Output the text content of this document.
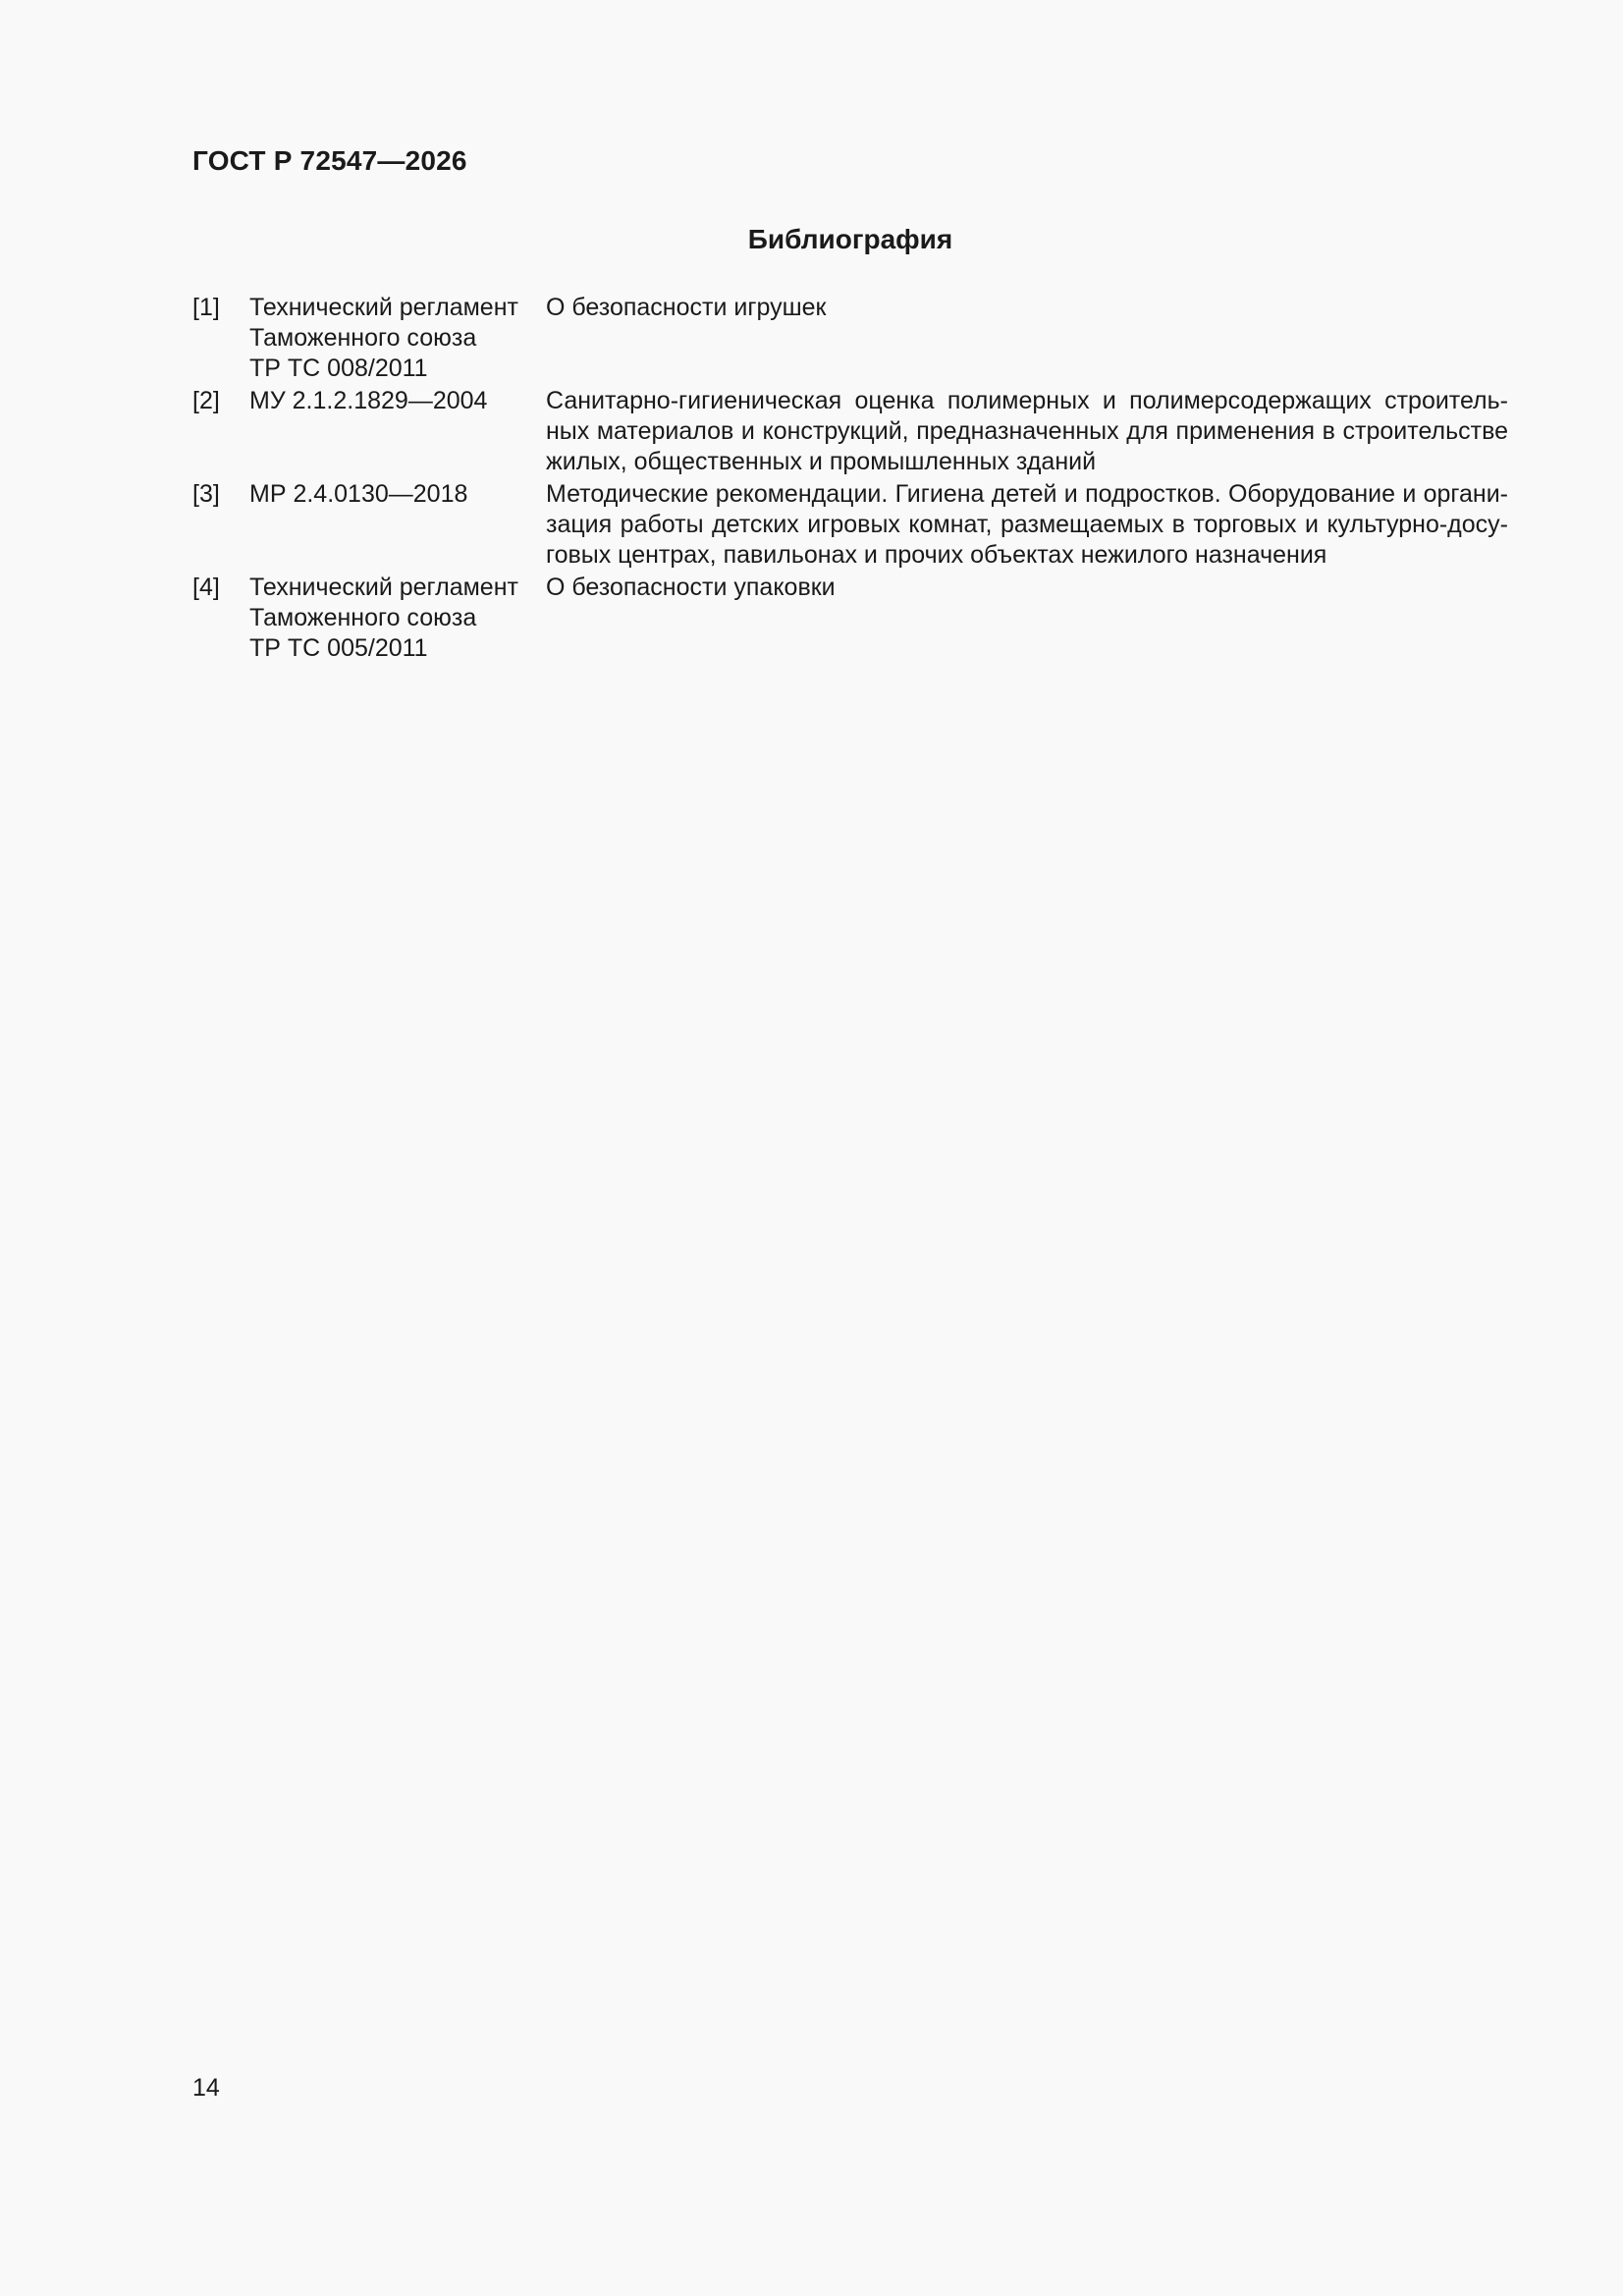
ГОСТ Р 72547—2026

Библиография

[1]	Технический регламент
Таможенного союза
ТР ТС 008/2011	О безопасности игрушек
[2]	МУ 2.1.2.1829—2004	Санитарно-гигиеническая оценка полимерных и полимерсодержащих строительных материалов и конструкций, предназначенных для применения в строительстве жилых, общественных и промышленных зданий
[3]	МР 2.4.0130—2018	Методические рекомендации. Гигиена детей и подростков. Оборудование и организация работы детских игровых комнат, размещаемых в торговых и культурно-досуговых центрах, павильонах и прочих объектах нежилого назначения
[4]	Технический регламент
Таможенного союза
ТР ТС 005/2011	О безопасности упаковки

14
